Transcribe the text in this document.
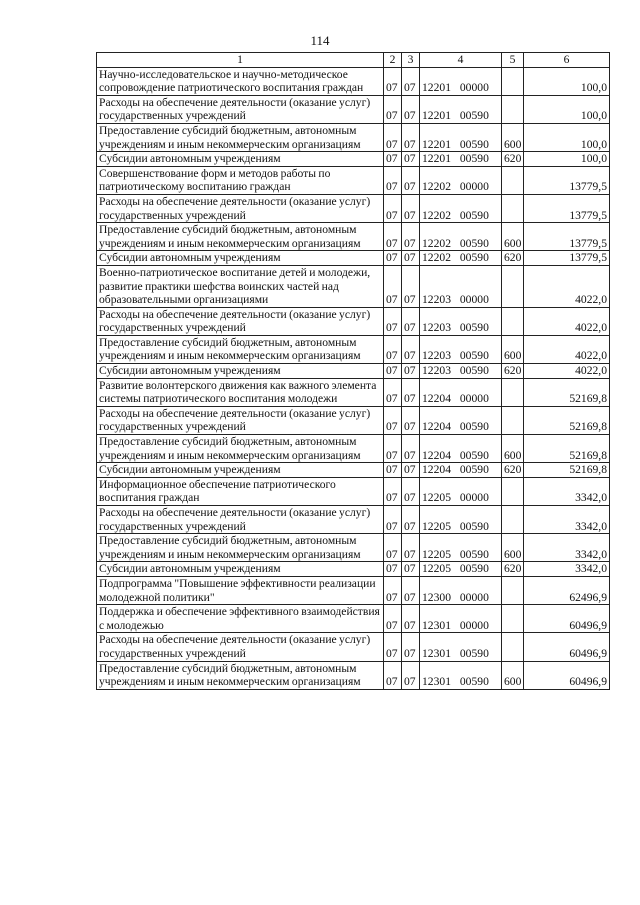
114
1	2	3	4	5	6
Научно-исследовательское и научно-методическое сопровождение патриотического воспитания граждан	07	07	12201 00000		100,0
Расходы на обеспечение деятельности (оказание услуг) государственных учреждений	07	07	12201 00590		100,0
Предоставление субсидий бюджетным, автономным учреждениям и иным некоммерческим организациям	07	07	12201 00590	600	100,0
Субсидии автономным учреждениям	07	07	12201 00590	620	100,0
Совершенствование форм и методов работы по патриотическому воспитанию граждан	07	07	12202 00000		13779,5
Расходы на обеспечение деятельности (оказание услуг) государственных учреждений	07	07	12202 00590		13779,5
Предоставление субсидий бюджетным, автономным учреждениям и иным некоммерческим организациям	07	07	12202 00590	600	13779,5
Субсидии автономным учреждениям	07	07	12202 00590	620	13779,5
Военно-патриотическое воспитание детей и молодежи, развитие практики шефства воинских частей над образовательными организациями	07	07	12203 00000		4022,0
Расходы на обеспечение деятельности (оказание услуг) государственных учреждений	07	07	12203 00590		4022,0
Предоставление субсидий бюджетным, автономным учреждениям и иным некоммерческим организациям	07	07	12203 00590	600	4022,0
Субсидии автономным учреждениям	07	07	12203 00590	620	4022,0
Развитие волонтерского движения как важного элемента системы патриотического воспитания молодежи	07	07	12204 00000		52169,8
Расходы на обеспечение деятельности (оказание услуг) государственных учреждений	07	07	12204 00590		52169,8
Предоставление субсидий бюджетным, автономным учреждениям и иным некоммерческим организациям	07	07	12204 00590	600	52169,8
Субсидии автономным учреждениям	07	07	12204 00590	620	52169,8
Информационное обеспечение патриотического воспитания граждан	07	07	12205 00000		3342,0
Расходы на обеспечение деятельности (оказание услуг) государственных учреждений	07	07	12205 00590		3342,0
Предоставление субсидий бюджетным, автономным учреждениям и иным некоммерческим организациям	07	07	12205 00590	600	3342,0
Субсидии автономным учреждениям	07	07	12205 00590	620	3342,0
Подпрограмма "Повышение эффективности реализации молодежной политики"	07	07	12300 00000		62496,9
Поддержка и обеспечение эффективного взаимодействия с молодежью	07	07	12301 00000		60496,9
Расходы на обеспечение деятельности (оказание услуг) государственных учреждений	07	07	12301 00590		60496,9
Предоставление субсидий бюджетным, автономным учреждениям и иным некоммерческим организациям	07	07	12301 00590	600	60496,9
